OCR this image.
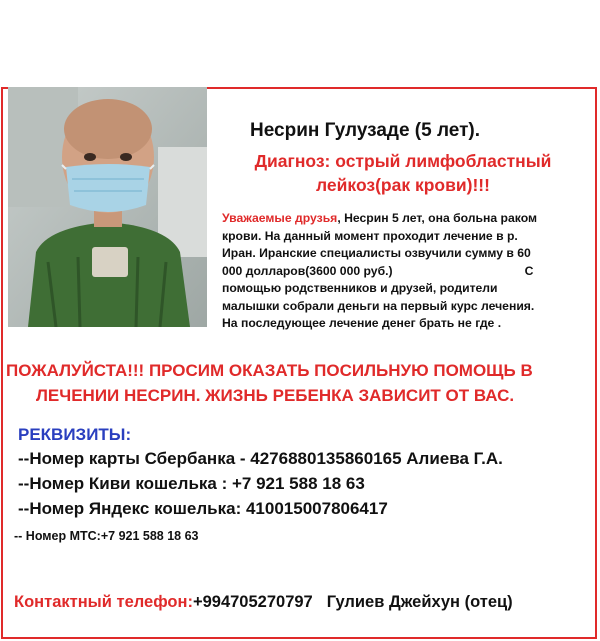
Несрин Гулузаде (5 лет).
Диагноз: острый лимфобластный
лейкоз(рак крови)!!!
Уважаемые друзья, Несрин 5 лет, она больна раком
крови. На данный момент проходит лечение в р.
Иран. Иранские специалисты озвучили сумму в 60
000 долларов(3600 000 руб.)	С
помощью родственников и друзей, родители
малышки собрали деньги на первый курс лечения.
На последующее лечение денег брать не где .
ПОЖАЛУЙСТА!!! ПРОСИМ ОКАЗАТЬ ПОСИЛЬНУЮ ПОМОЩЬ В
ЛЕЧЕНИИ НЕСРИН. ЖИЗНЬ РЕБЕНКА ЗАВИСИТ ОТ ВАС.
РЕКВИЗИТЫ:
--Номер карты Сбербанка - 4276880135860165 Алиева Г.А.
--Номер Киви кошелька : +7 921 588 18 63
--Номер Яндекс кошелька: 410015007806417
-- Номер МТС:+7 921 588 18 63
Контактный телефон:+994705270797 Гулиев Джейхун (отец)
